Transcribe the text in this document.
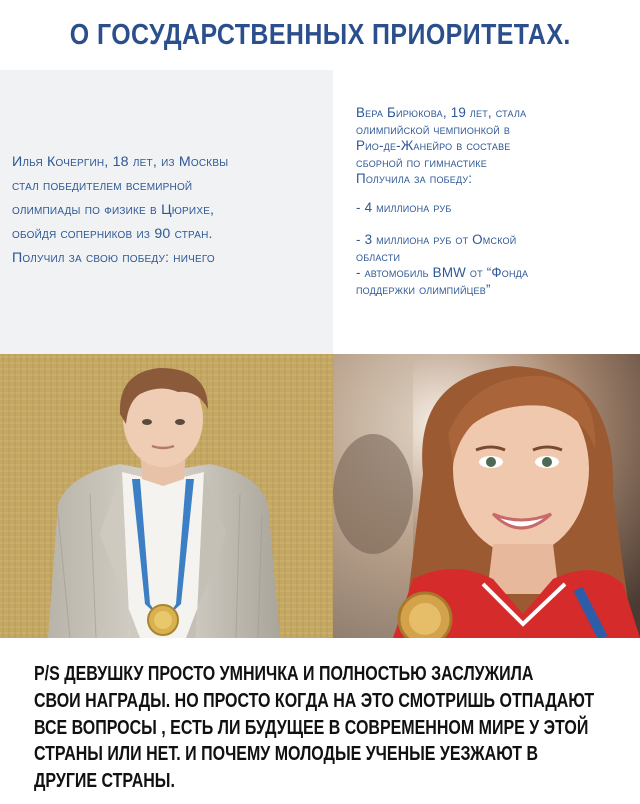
О ГОСУДАРСТВЕННЫХ ПРИОРИТЕТАХ.
Илья Кочергин, 18 лет, из Москвы
стал победителем всемирной
олимпиады по физике в Цюрихе,
обойдя соперников из 90 стран.
Получил за свою победу: ничего
Вера Бирюкова, 19 лет, стала
олимпийской чемпионкой в
Рио-де-Жанейро в составе
сборной по гимнастике
Получила за победу:
- 4 миллиона руб
- 3 миллиона руб от Омской
области
- автомобиль BMW от “Фонда
поддержки олимпийцев”
P/S ДЕВУШКУ ПРОСТО УМНИЧКА И ПОЛНОСТЬЮ ЗАСЛУЖИЛА
СВОИ НАГРАДЫ. НО ПРОСТО КОГДА НА ЭТО СМОТРИШЬ ОТПАДАЮТ
ВСЕ ВОПРОСЫ , ЕСТЬ ЛИ БУДУЩЕЕ В СОВРЕМЕННОМ МИРЕ У ЭТОЙ
СТРАНЫ ИЛИ НЕТ. И ПОЧЕМУ МОЛОДЫЕ УЧЕНЫЕ УЕЗЖАЮТ В
ДРУГИЕ СТРАНЫ.
